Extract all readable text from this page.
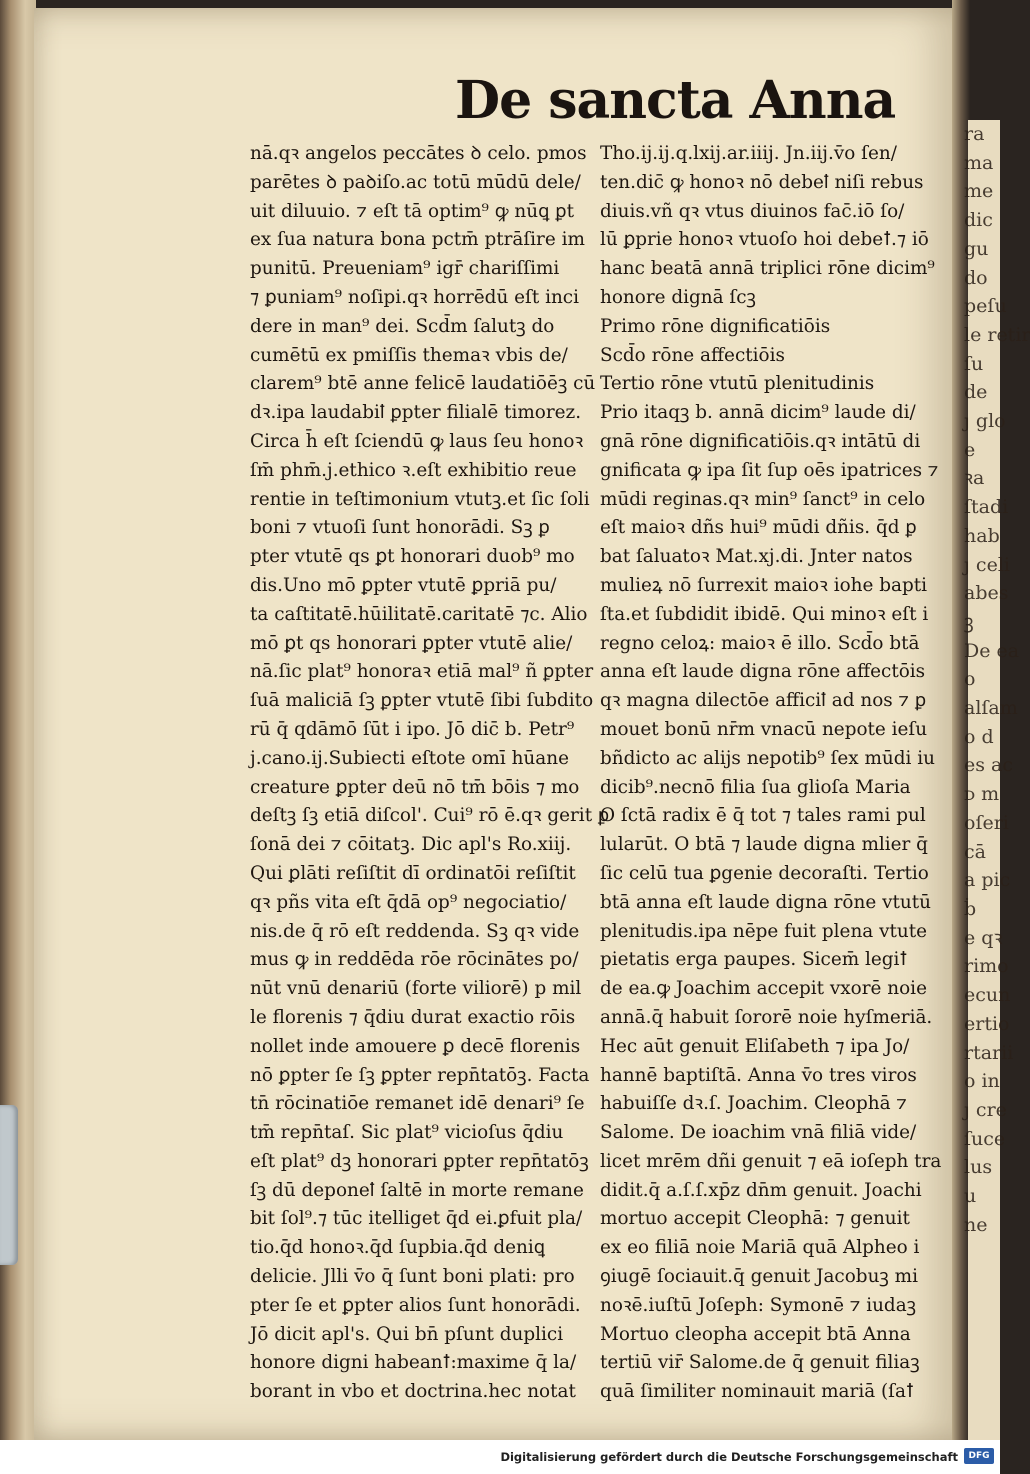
ra
ma
me
dic
gu
do
peſu
le retir
ſu
de
ȷ glo
e
ꝛa
ſtadi
hab
ȷ celi
abes
ꝫ
De ea
o
alſam
o d
es ac
ᴅ m
oſeri
cā
a pic
ḃ
e qꝛ
rimo
ecun
ertio
rtarii
o in
ȷ cre
ſuce
lus
u
ne
De sancta Anna
nā.qꝛ angelos peccātes ꝺ celo. pmos
parētes ꝺ paꝺiſo.ac totū mūdū dele/
uit diluuio. ⁊ eſt tā optim⁹ ꝙ nūꝗ ꝑt
ex ſua natura bona pctm̄ ptrāſire im
punitū. Preueniam⁹ igr̄ chariſſimi
⁊ ꝑuniam⁹ noſipi.qꝛ horrēdū eſt inci
dere in man⁹ dei. Scd̄m ſalutꝫ do
cumētū ex pmiſſis themaꝛ vbis de/
clarem⁹ btē anne felicē laudatiōēꝫ cū
dꝛ.ipa laudabiꝉ ꝑpter filialē timorez.
Circa h̄ eſt ſciendū ꝙ laus ſeu honoꝛ
ſm̄ phm̄.j.ethico ꝛ.eſt exhibitio reue
rentie in teſtimonium vtutꝫ.et ſic ſoli
boni ⁊ vtuoſi ſunt honorādi. Sꝫ ꝑ
pter vtutē qs ꝑt honorari duob⁹ mo
dis.Uno mō ꝑpter vtutē ꝑpriā pu/
ta caſtitatē.hūilitatē.caritatē ⁊c. Alio
mō ꝑt qs honorari ꝑpter vtutē alie/
nā.ſic plat⁹ honoraꝛ etiā mal⁹ ñ ꝑpter
ſuā maliciā ſꝫ ꝑpter vtutē ſibi ſubdito
rū q̄ qdāmō ſūt i ipo. Jō dic̄ b. Petr⁹
j.cano.ij.Subiecti eſtote omī hūane
creature ꝑpter deū nō tm̄ bōis ⁊ mo
deſtꝫ ſꝫ etiā diſcol'. Cui⁹ rō ē.qꝛ gerit ꝑ
ſonā dei ⁊ cōitatꝫ. Dic apl's Ro.xiij.
Qui ꝑlāti reſiſtit dī ordinatōi reſiſtit
qꝛ pñs vita eſt q̄dā op⁹ negociatio/
nis.de q̄ rō eſt reddenda. Sꝫ qꝛ vide
mus ꝙ in reddēda rōe rōcinātes po/
nūt vnū denariū (forte viliorē) p mil
le florenis ⁊ q̄diu durat exactio rōis
nollet inde amouere ꝑ decē florenis
nō ꝑpter ſe ſꝫ ꝑpter repn̄tatōꝫ. Facta
tn̄ rōcinatiōe remanet idē denari⁹ ſe
tm̄ repn̄taſ. Sic plat⁹ vicioſus q̄diu
eſt plat⁹ dꝫ honorari ꝑpter repn̄tatōꝫ
ſꝫ dū deponeꝉ ſaltē in morte remane
bit ſol⁹.⁊ tūc itelliget q̄d ei.ꝑfuit pla/
tio.q̄d honoꝛ.q̄d ſupbia.q̄d deniꝗ
delicie. Jlli v̄o q̄ ſunt boni plati: pro
pter ſe et ꝑpter alios ſunt honorādi.
Jō dicit apl's. Qui bn̄ pſunt duplici
honore digni habeanꝉ:maxime q̄ la/
borant in vbo et doctrina.hec notat
Tho.ij.ij.q.lxij.ar.iiij. Jn.iij.v̄o ſen/
ten.dic̄ ꝙ honoꝛ nō debeꝉ niſi rebus
diuis.vñ qꝛ vtus diuinos fac̄.iō ſo/
lū ꝑprie honoꝛ vtuoſo hoi debeꝉ.⁊ iō
hanc beatā annā triplici rōne dicim⁹
honore dignā ſcꝫ
Primo rōne dignificatiōis
Scd̄o rōne affectiōis
Tertio rōne vtutū plenitudinis
Prio itaqꝫ b. annā dicim⁹ laude di/
gnā rōne dignificatiōis.qꝛ intātū di
gnificata ꝙ ipa ſit ſup oēs ipatrices ⁊
mūdi reginas.qꝛ min⁹ ſanct⁹ in celo
eſt maioꝛ dñs hui⁹ mūdi dñis. q̄d ꝑ
bat ſaluatoꝛ Mat.xj.di. Jnter natos
mulieꝝ nō ſurrexit maioꝛ iohe bapti
ſta.et ſubdidit ibidē. Qui minoꝛ eſt i
regno celoꝝ: maioꝛ ē illo. Scd̄o btā
anna eſt laude digna rōne affectōis
qꝛ magna dilectōe afficiꝉ ad nos ⁊ ꝑ
mouet bonū nr̄m vnacū nepote ieſu
bñdicto ac alijs nepotib⁹ ſex mūdi iu
dicib⁹.necnō filia ſua glioſa Maria
O ſctā radix ē q̄ tot ⁊ tales rami pul
lularūt. O btā ⁊ laude digna mlier q̄
ſic celū tua ꝑgenie decoraſti. Tertio
btā anna eſt laude digna rōne vtutū
plenitudis.ipa nēpe fuit plena vtute
pietatis erga paupes. Sicem̄ legiꝉ
de ea.ꝙ Joachim accepit vxorē noie
annā.q̄ habuit ſororē noie hyſmeriā.
Hec aūt genuit Eliſabeth ⁊ ipa Jo/
hannē baptiſtā. Anna v̄o tres viros
habuiſſe dꝛ.ſ. Joachim. Cleophā ⁊
Salome. De ioachim vnā filiā vide/
licet mrēm dñi genuit ⁊ eā ioſeph tra
didit.q̄ a.ſ.ſ.xp̄z dn̄m genuit. Joachi
mortuo accepit Cleophā: ⁊ genuit
ex eo filiā noie Mariā quā Alpheo i
ꝯiugē ſociauit.q̄ genuit Jacobuꝫ mi
noꝛē.iuſtū Joſeph: Symonē ⁊ iudaꝫ
Mortuo cleopha accepit btā Anna
tertiū vir̄ Salome.de q̄ genuit filiaꝫ
quā ſimiliter nominauit mariā (ſaꝉ
Digitalisierung gefördert durch die Deutsche Forschungsgemeinschaft	DFG
